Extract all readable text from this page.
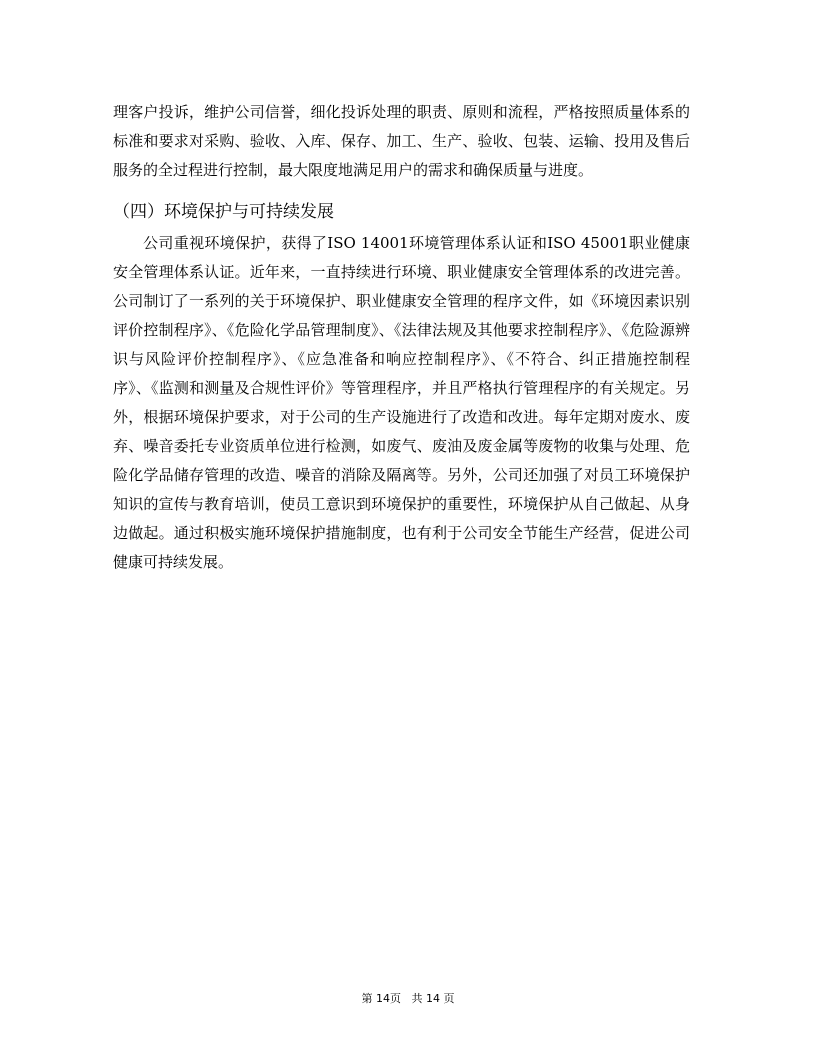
理客户投诉，维护公司信誉，细化投诉处理的职责、原则和流程，严格按照质量体系的标准和要求对采购、验收、入库、保存、加工、生产、验收、包装、运输、投用及售后服务的全过程进行控制，最大限度地满足用户的需求和确保质量与进度。

（四）环境保护与可持续发展

公司重视环境保护，获得了ISO 14001环境管理体系认证和ISO 45001职业健康安全管理体系认证。近年来，一直持续进行环境、职业健康安全管理体系的改进完善。公司制订了一系列的关于环境保护、职业健康安全管理的程序文件，如《环境因素识别评价控制程序》、《危险化学品管理制度》、《法律法规及其他要求控制程序》、《危险源辨识与风险评价控制程序》、《应急准备和响应控制程序》、《不符合、纠正措施控制程序》、《监测和测量及合规性评价》等管理程序，并且严格执行管理程序的有关规定。另外，根据环境保护要求，对于公司的生产设施进行了改造和改进。每年定期对废水、废弃、噪音委托专业资质单位进行检测，如废气、废油及废金属等废物的收集与处理、危险化学品储存管理的改造、噪音的消除及隔离等。另外，公司还加强了对员工环境保护知识的宣传与教育培训，使员工意识到环境保护的重要性，环境保护从自己做起、从身边做起。通过积极实施环境保护措施制度，也有利于公司安全节能生产经营，促进公司健康可持续发展。

第 14页   共 14 页
